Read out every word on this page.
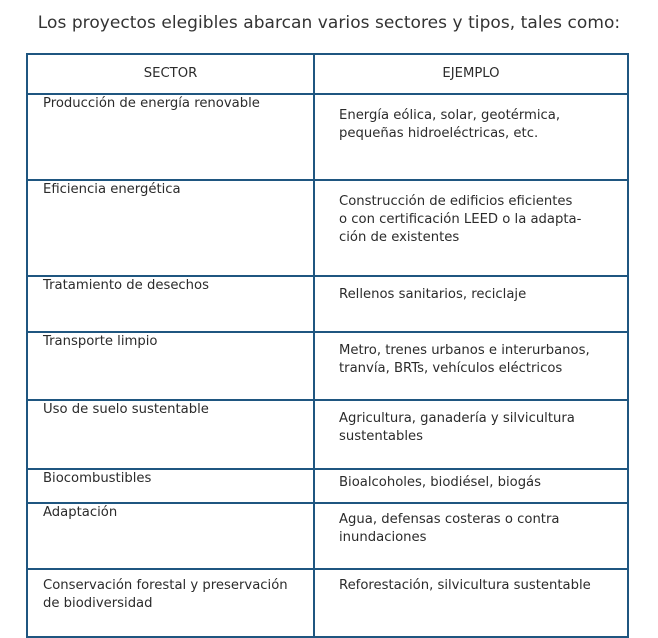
Los proyectos elegibles abarcan varios sectores y tipos, tales como:
SECTOR	EJEMPLO

Producción de energía renovable	Energía eólica, solar, geotérmica,
pequeñas hidroeléctricas, etc.

Eficiencia energética	Construcción de edificios eficientes
o con certificación LEED o la adapta-
ción de existentes

Tratamiento de desechos	Rellenos sanitarios, reciclaje

Transporte limpio	Metro, trenes urbanos e interurbanos,
tranvía, BRTs, vehículos eléctricos

Uso de suelo sustentable	Agricultura, ganadería y silvicultura
sustentables

Biocombustibles	Bioalcoholes, biodiésel, biogás

Adaptación	Agua, defensas costeras o contra
inundaciones

Conservación forestal y preservación
de biodiversidad	Reforestación, silvicultura sustentable
